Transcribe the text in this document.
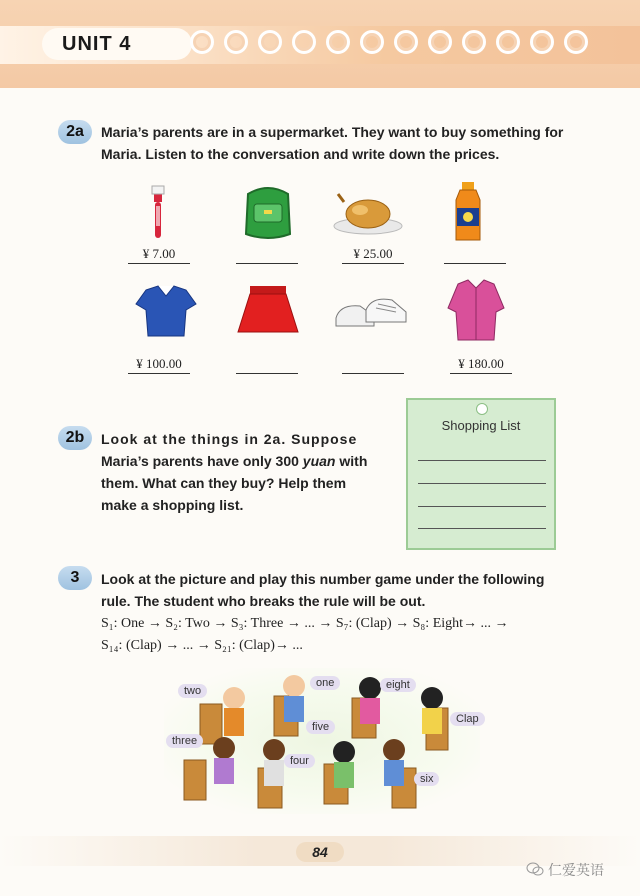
UNIT 4
2a	Maria’s parents are in a supermarket. They want to buy something for
Maria. Listen to the conversation and write down the prices.
¥ 7.00	¥ 25.00
¥ 100.00	¥ 180.00
2b	Look at the things in 2a. Suppose
Maria’s parents have only 300 yuan with
them. What can they buy? Help them
make a shopping list.
Shopping List
3	Look at the picture and play this number game under the following
rule. The student who breaks the rule will be out.
S₁: One → S₂: Two → S₃: Three → ... → S₇: (Clap) → S₈: Eight→ ... →
S₁₄: (Clap) → ... → S₂₁: (Clap)→ ...
two
one	eight
Clap
three
five
four
six
84
仁爱英语
